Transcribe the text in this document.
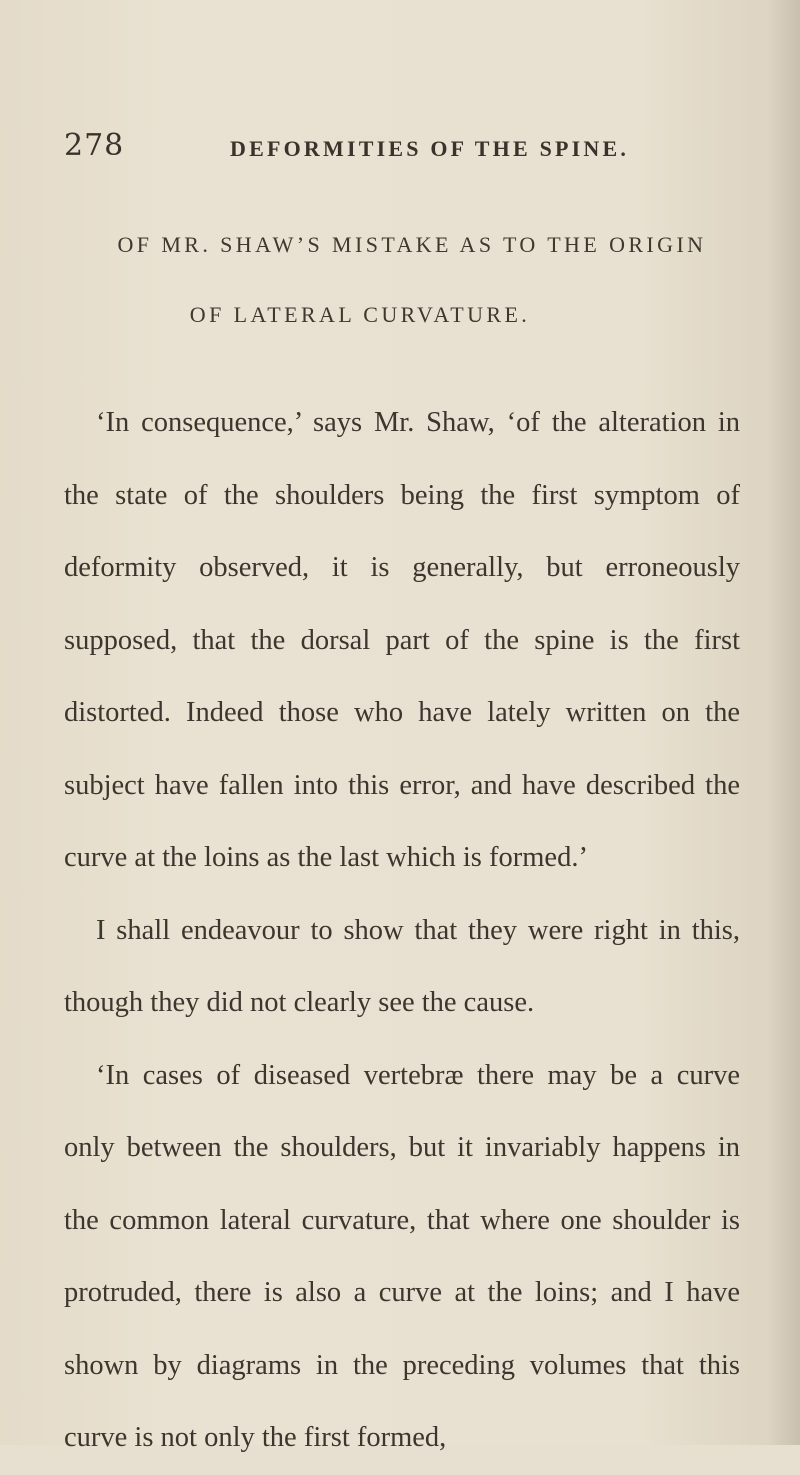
278	DEFORMITIES OF THE SPINE.
OF MR. SHAW’S MISTAKE AS TO THE ORIGIN
OF LATERAL CURVATURE.

‘In consequence,’ says Mr. Shaw, ‘of the alteration in the state of the shoulders being the first symptom of deformity observed, it is generally, but erroneously supposed, that the dorsal part of the spine is the first distorted. Indeed those who have lately written on the subject have fallen into this error, and have described the curve at the loins as the last which is formed.’

I shall endeavour to show that they were right in this, though they did not clearly see the cause.

‘In cases of diseased vertebræ there may be a curve only between the shoulders, but it invariably happens in the common lateral curvature, that where one shoulder is protruded, there is also a curve at the loins; and I have shown by diagrams in the preceding volumes that this curve is not only the first formed,
